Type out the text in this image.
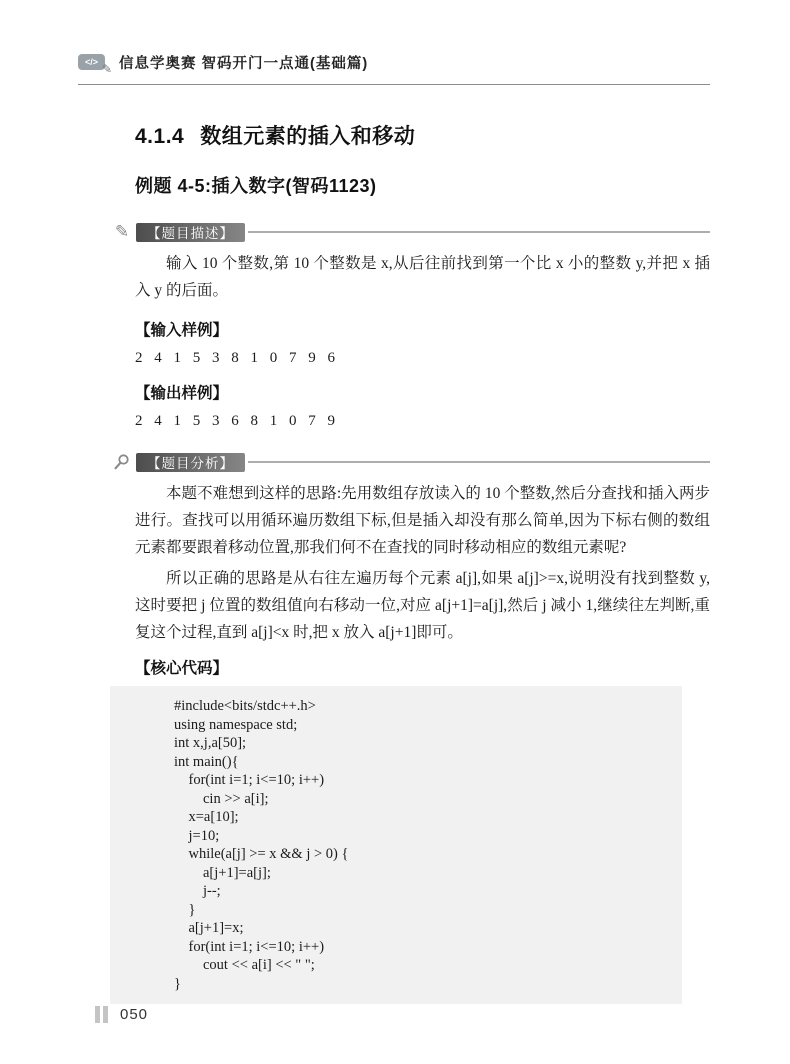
</> ✎ 信息学奥赛 智码开门一点通(基础篇)
4.1.4 数组元素的插入和移动
例题 4-5:插入数字(智码1123)
✎	【题目描述】

输入 10 个整数,第 10 个整数是 x,从后往前找到第一个比 x 小的整数 y,并把 x 插入 y 的后面。

【输入样例】
2 4 1 5 3 8 1 0 7 9 6
【输出样例】
2 4 1 5 3 6 8 1 0 7 9
【题目分析】

本题不难想到这样的思路:先用数组存放读入的 10 个整数,然后分查找和插入两步进行。查找可以用循环遍历数组下标,但是插入却没有那么简单,因为下标右侧的数组元素都要跟着移动位置,那我们何不在查找的同时移动相应的数组元素呢?

所以正确的思路是从右往左遍历每个元素 a[j],如果 a[j]>=x,说明没有找到整数 y,这时要把 j 位置的数组值向右移动一位,对应 a[j+1]=a[j],然后 j 减小 1,继续往左判断,重复这个过程,直到 a[j]<x 时,把 x 放入 a[j+1]即可。

【核心代码】
#include<bits/stdc++.h>
using namespace std;
int x,j,a[50];
int main(){
for(int i=1; i<=10; i++)
cin >> a[i];
x=a[10];
j=10;
while(a[j] >= x && j > 0) {
a[j+1]=a[j];
j--;
}
a[j+1]=x;
for(int i=1; i<=10; i++)
cout << a[i] << " ";
}
050
